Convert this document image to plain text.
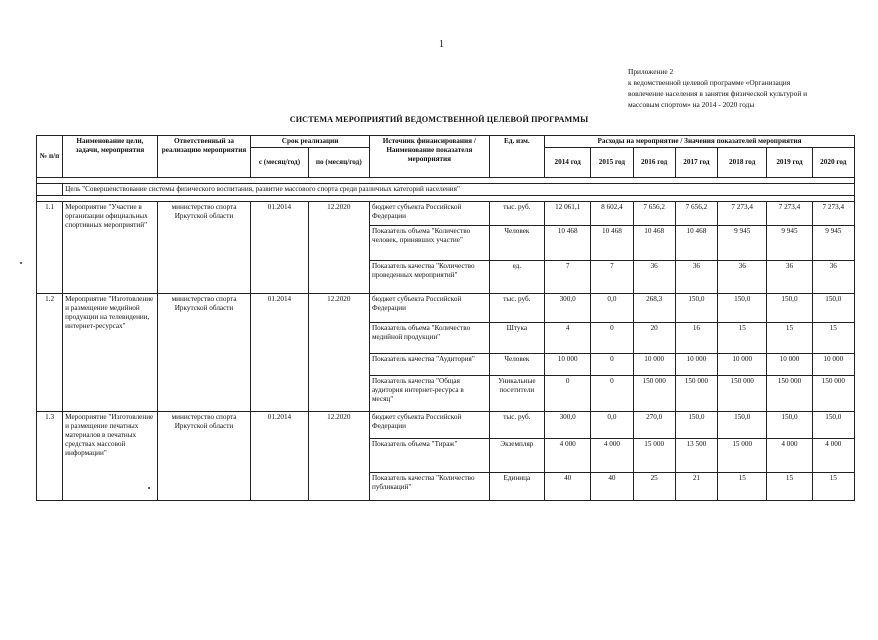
1
Приложение 2
к ведомственной целевой программе «Организация
вовлечение населения в занятия физической культурой и
массовым спортом» на 2014 - 2020 годы
СИСТЕМА МЕРОПРИЯТИЙ ВЕДОМСТВЕННОЙ ЦЕЛЕВОЙ ПРОГРАММЫ
№ п/п	Наименование цели, задачи, мероприятия	Ответственный за реализацию мероприятия	Срок реализации		Источник финансирования / Наименование показателя мероприятия	Ед. изм.	Расходы на мероприятие / Значения показателей мероприятия						
			с (месяц/год)	по (месяц/год)			2014 год	2015 год	2016 год	2017 год	2018 год	2019 год	2020 год

	Цель "Совершенствование системы физического воспитания, развитие массового спорта среди различных категорий населения"												

1.1	Мероприятие "Участие в организации официальных спортивных мероприятий"	министерство спорта Иркутской области	01.2014	12.2020	бюджет субъекта Российской Федерации	тыс. руб.	12 061,1	8 602,4	7 656,2	7 656,2	7 273,4	7 273,4	7 273,4
					Показатель объема "Количество человек, принявших участие"	Человек	10 468	10 468	10 468	10 468	9 945	9 945	9 945
					Показатель качества "Количество проведенных мероприятий"	ед.	7	7	36	36	36	36	36
1.2	Мероприятие "Изготовление и размещение медийной продукции на телевидении, интернет-ресурсах"	министерство спорта Иркутской области	01.2014	12.2020	бюджет субъекта Российской Федерации	тыс. руб.	300,0	0,0	268,3	150,0	150,0	150,0	150,0
					Показатель объема "Количество медийной продукции"	Штука	4	0	20	16	15	15	15
					Показатель качества "Аудитория"	Человек	10 000	0	10 000	10 000	10 000	10 000	10 000
					Показатель качества "Общая аудитория интернет-ресурса в месяц"	Уникальные посетители	0	0	150 000	150 000	150 000	150 000	150 000
1.3	Мероприятие "Изготовление и размещение печатных материалов в печатных средствах массовой информации"	министерство спорта Иркутской области	01.2014	12.2020	бюджет субъекта Российской Федерации	тыс. руб.	300,0	0,0	270,0	150,0	150,0	150,0	150,0
					Показатель объема "Тираж"	Экземпляр	4 000	4 000	15 000	13 500	15 000	4 000	4 000
					Показатель качества "Количество публикаций"	Единица	40	40	25	21	15	15	15
